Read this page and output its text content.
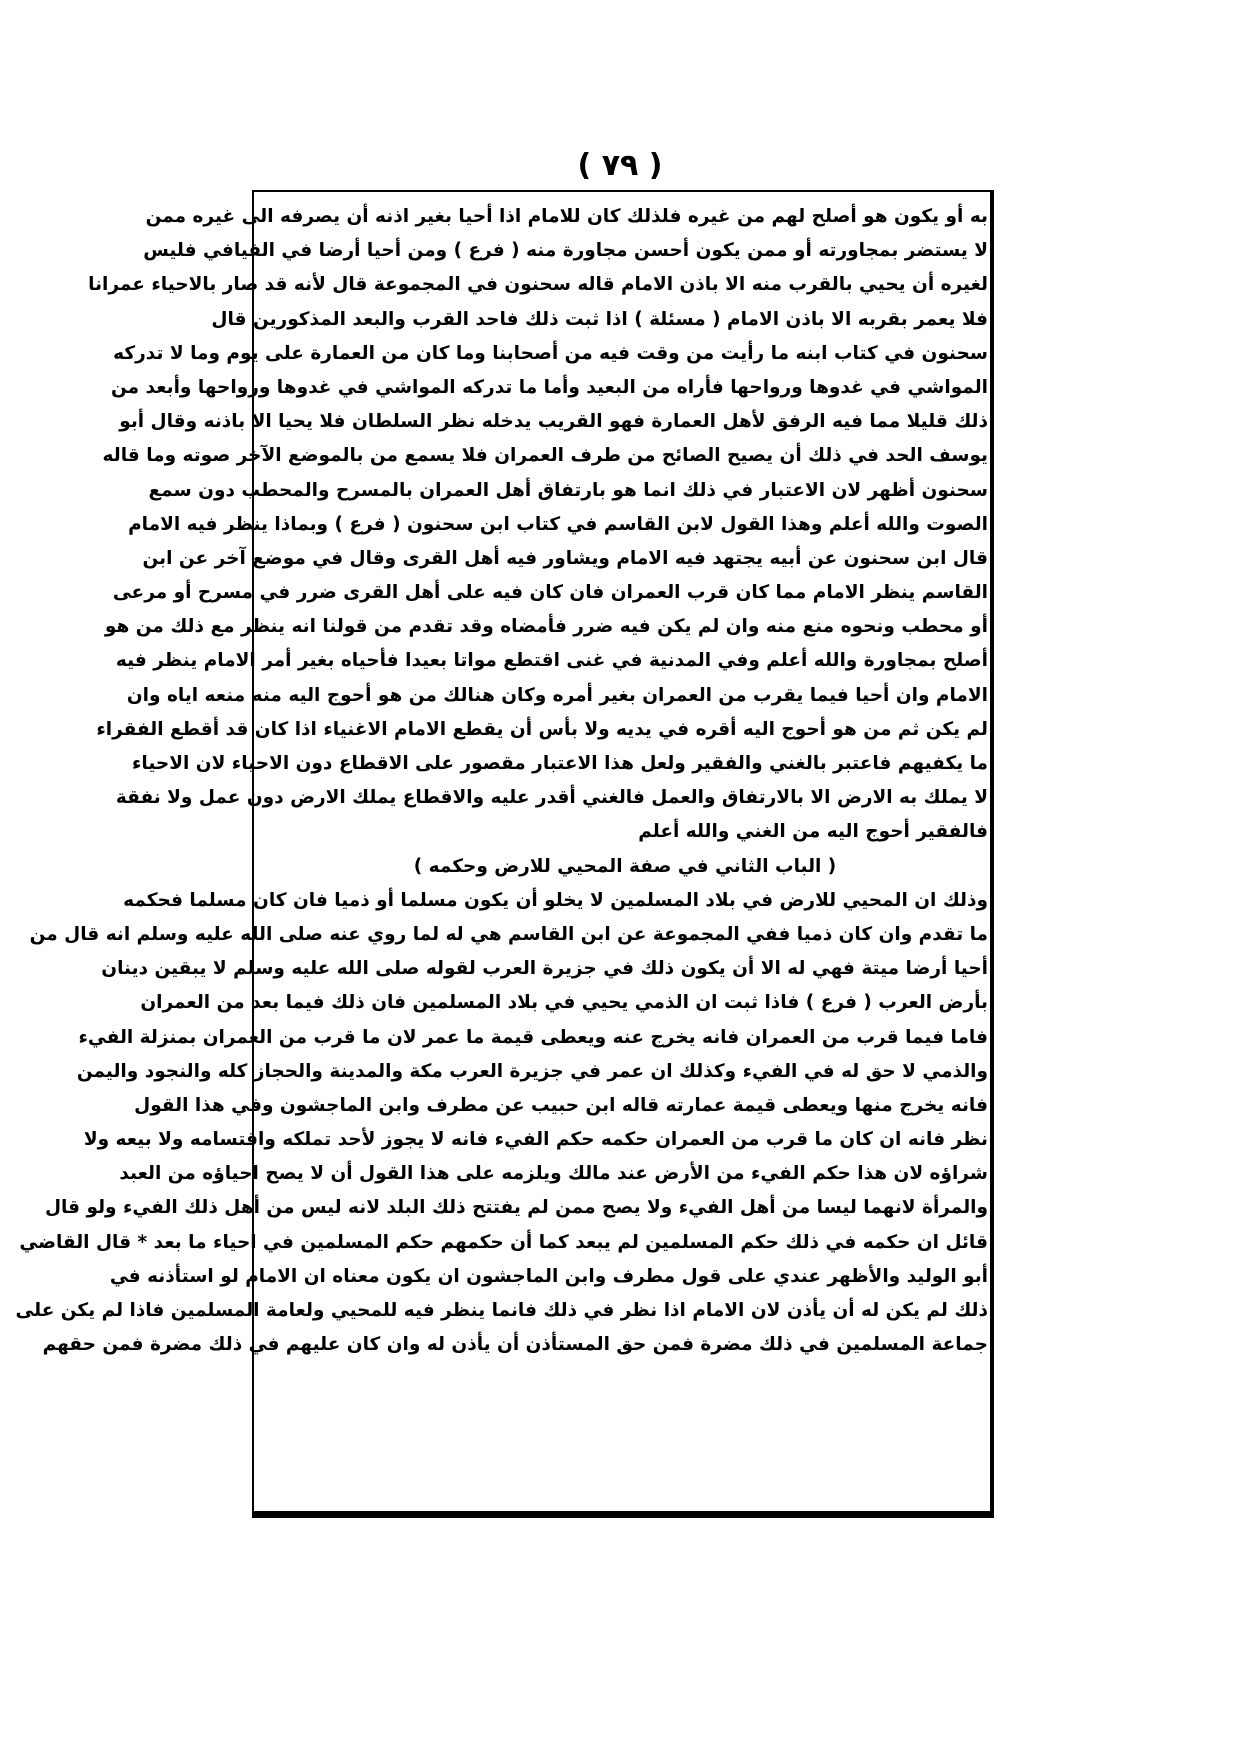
( ٧٩ )
به أو يكون هو أصلح لهم من غيره فلذلك كان للامام اذا أحيا بغير اذنه أن يصرفه الى غيره ممن
لا يستضر بمجاورته أو ممن يكون أحسن مجاورة منه ( فرع ) ومن أحيا أرضا في الفيافي فليس
لغيره أن يحيي بالقرب منه الا باذن الامام قاله سحنون في المجموعة قال لأنه قد صار بالاحياء عمرانا
فلا يعمر بقربه الا باذن الامام ( مسئلة ) اذا ثبت ذلك فاحد القرب والبعد المذكورين قال
سحنون في كتاب ابنه ما رأيت من وقت فيه من أصحابنا وما كان من العمارة على يوم وما لا تدركه
المواشي في غدوها ورواحها فأراه من البعيد وأما ما تدركه المواشي في غدوها ورواحها وأبعد من
ذلك قليلا مما فيه الرفق لأهل العمارة فهو القريب يدخله نظر السلطان فلا يحيا الا باذنه وقال أبو
يوسف الحد في ذلك أن يصيح الصائح من طرف العمران فلا يسمع من بالموضع الآخر صوته وما قاله
سحنون أظهر لان الاعتبار في ذلك انما هو بارتفاق أهل العمران بالمسرح والمحطب دون سمع
الصوت والله أعلم وهذا القول لابن القاسم في كتاب ابن سحنون ( فرع ) وبماذا ينظر فيه الامام
قال ابن سحنون عن أبيه يجتهد فيه الامام ويشاور فيه أهل القرى وقال في موضع آخر عن ابن
القاسم ينظر الامام مما كان قرب العمران فان كان فيه على أهل القرى ضرر في مسرح أو مرعى
أو محطب ونحوه منع منه وان لم يكن فيه ضرر فأمضاه وقد تقدم من قولنا انه ينظر مع ذلك من هو
أصلح بمجاورة والله أعلم وفي المدنية في غنى اقتطع مواتا بعيدا فأحياه بغير أمر الامام ينظر فيه
الامام وان أحيا فيما يقرب من العمران بغير أمره وكان هنالك من هو أحوج اليه منه منعه اياه وان
لم يكن ثم من هو أحوج اليه أقره في يديه ولا بأس أن يقطع الامام الاغنياء اذا كان قد أقطع الفقراء
ما يكفيهم فاعتبر بالغني والفقير ولعل هذا الاعتبار مقصور على الاقطاع دون الاحياء لان الاحياء
لا يملك به الارض الا بالارتفاق والعمل فالغني أقدر عليه والاقطاع يملك الارض دون عمل ولا نفقة
فالفقير أحوج اليه من الغني والله أعلم
( الباب الثاني في صفة المحيي للارض وحكمه )
وذلك ان المحيي للارض في بلاد المسلمين لا يخلو أن يكون مسلما أو ذميا فان كان مسلما فحكمه
ما تقدم وان كان ذميا ففي المجموعة عن ابن القاسم هي له لما روي عنه صلى الله عليه وسلم انه قال من
أحيا أرضا ميتة فهي له الا أن يكون ذلك في جزيرة العرب لقوله صلى الله عليه وسلم لا يبقين دينان
بأرض العرب ( فرع ) فاذا ثبت ان الذمي يحيي في بلاد المسلمين فان ذلك فيما بعد من العمران
فاما فيما قرب من العمران فانه يخرج عنه ويعطى قيمة ما عمر لان ما قرب من العمران بمنزلة الفيء
والذمي لا حق له في الفيء وكذلك ان عمر في جزيرة العرب مكة والمدينة والحجاز كله والنجود واليمن
فانه يخرج منها ويعطى قيمة عمارته قاله ابن حبيب عن مطرف وابن الماجشون وفي هذا القول
نظر فانه ان كان ما قرب من العمران حكمه حكم الفيء فانه لا يجوز لأحد تملكه واقتسامه ولا بيعه ولا
شراؤه لان هذا حكم الفيء من الأرض عند مالك ويلزمه على هذا القول أن لا يصح احياؤه من العبد
والمرأة لانهما ليسا من أهل الفيء ولا يصح ممن لم يفتتح ذلك البلد لانه ليس من أهل ذلك الفيء ولو قال
قائل ان حكمه في ذلك حكم المسلمين لم يبعد كما أن حكمهم حكم المسلمين في احياء ما بعد * قال القاضي
أبو الوليد والأظهر عندي على قول مطرف وابن الماجشون ان يكون معناه ان الامام لو استأذنه في
ذلك لم يكن له أن يأذن لان الامام اذا نظر في ذلك فانما ينظر فيه للمحيي ولعامة المسلمين فاذا لم يكن على
جماعة المسلمين في ذلك مضرة فمن حق المستأذن أن يأذن له وان كان عليهم في ذلك مضرة فمن حقهم
